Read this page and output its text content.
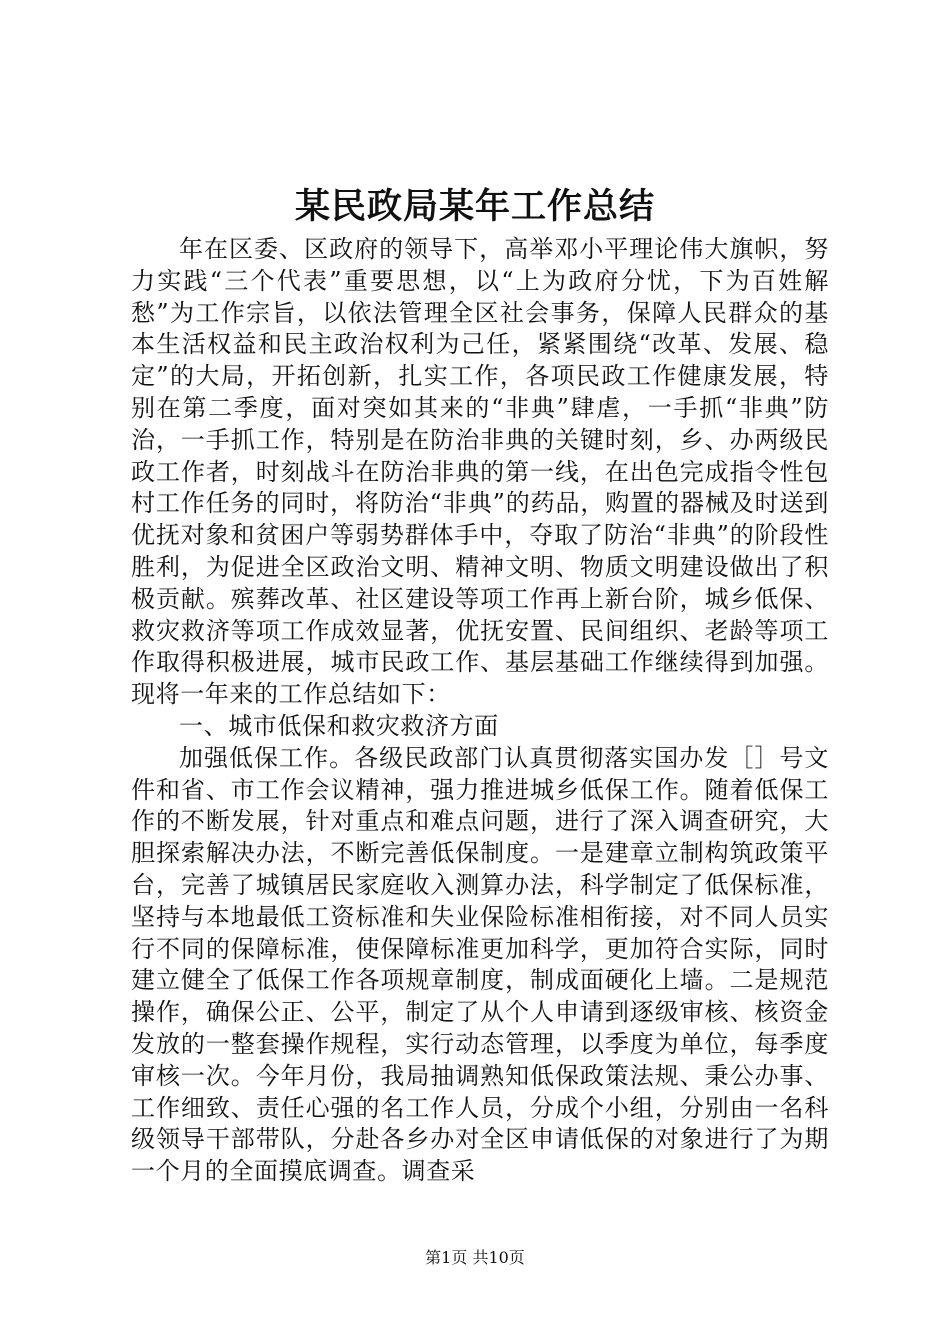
某民政局某年工作总结

年在区委、区政府的领导下，高举邓小平理论伟大旗帜，努力实践“三个代表”重要思想，以“上为政府分忧，下为百姓解愁”为工作宗旨，以依法管理全区社会事务，保障人民群众的基本生活权益和民主政治权利为己任，紧紧围绕“改革、发展、稳定”的大局，开拓创新，扎实工作，各项民政工作健康发展，特别在第二季度，面对突如其来的“非典”肆虐，一手抓“非典”防治，一手抓工作，特别是在防治非典的关键时刻，乡、办两级民政工作者，时刻战斗在防治非典的第一线，在出色完成指令性包村工作任务的同时，将防治“非典”的药品，购置的器械及时送到优抚对象和贫困户等弱势群体手中，夺取了防治“非典”的阶段性胜利，为促进全区政治文明、精神文明、物质文明建设做出了积极贡献。殡葬改革、社区建设等项工作再上新台阶，城乡低保、救灾救济等项工作成效显著，优抚安置、民间组织、老龄等项工作取得积极进展，城市民政工作、基层基础工作继续得到加强。现将一年来的工作总结如下：

一、城市低保和救灾救济方面

加强低保工作。各级民政部门认真贯彻落实国办发［］号文件和省、市工作会议精神，强力推进城乡低保工作。随着低保工作的不断发展，针对重点和难点问题，进行了深入调查研究，大胆探索解决办法，不断完善低保制度。一是建章立制构筑政策平台，完善了城镇居民家庭收入测算办法，科学制定了低保标准，坚持与本地最低工资标准和失业保险标准相衔接，对不同人员实行不同的保障标准，使保障标准更加科学，更加符合实际，同时建立健全了低保工作各项规章制度，制成面硬化上墙。二是规范操作，确保公正、公平，制定了从个人申请到逐级审核、核资金发放的一整套操作规程，实行动态管理，以季度为单位，每季度审核一次。今年月份，我局抽调熟知低保政策法规、秉公办事、工作细致、责任心强的名工作人员，分成个小组，分别由一名科级领导干部带队，分赴各乡办对全区申请低保的对象进行了为期一个月的全面摸底调查。调查采

第1页 共10页
